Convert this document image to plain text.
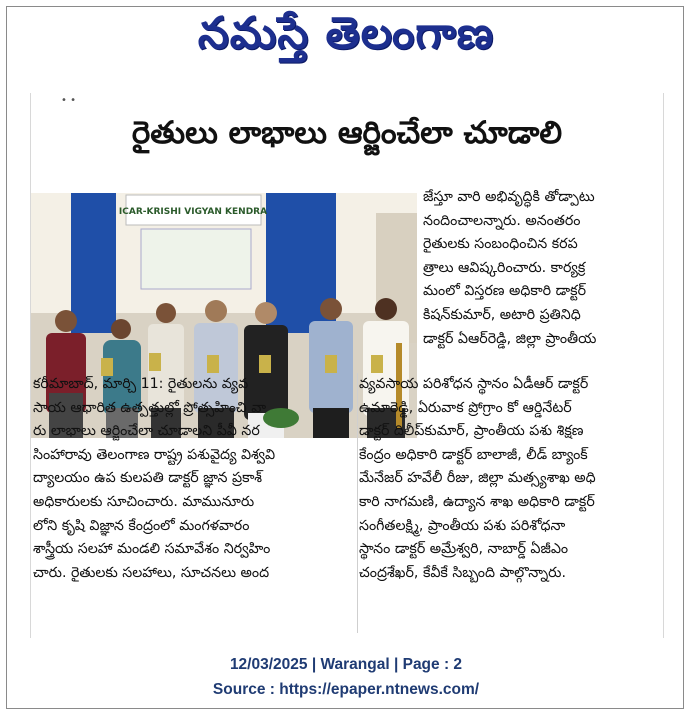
నమస్తే తెలంగాణ
• •
రైతులు లాభాలు ఆర్జించేలా చూడాలి
ICAR-KRISHI VIGYAN KENDRA
జేస్తూ వారి అభివృద్ధికి తోడ్పాటు
నందించాలన్నారు. అనంతరం
రైతులకు సంబంధించిన కరప
త్రాలు ఆవిష్కరించారు. కార్యక్ర
మంలో విస్తరణ అధికారి డాక్టర్
కిషన్‌కుమార్, అటారి ప్రతినిధి
డాక్టర్ ఏఆర్‌రెడ్డి, జిల్లా ప్రాంతీయ
కరీమాబాద్, మార్చి 11: రైతులను వ్యవ
సాయ ఆధారిత ఉత్పత్తుల్లో ప్రోత్సహించి వా
రు లాభాలు ఆర్జించేలా చూడాలని పీవీ నర
సింహారావు తెలంగాణ రాష్ట్ర పశువైద్య విశ్వవి
ద్యాలయం ఉప కులపతి డాక్టర్ జ్ఞాన ప్రకాశ్
అధికారులకు సూచించారు. మామునూరు
లోని కృషి విజ్ఞాన కేంద్రంలో మంగళవారం
శాస్త్రీయ సలహా మండలి సమావేశం నిర్వహిం
చారు. రైతులకు సలహాలు, సూచనలు అంద
వ్యవసాయ పరిశోధన స్థానం ఏడీఆర్ డాక్టర్
ఉమారెడ్డి, ఏరువాక ప్రోగ్రాం కో ఆర్డినేటర్
డాక్టర్ దిలీప్‌కుమార్, ప్రాంతీయ పశు శిక్షణ
కేంద్రం అధికారి డాక్టర్ బాలాజీ, లీడ్ బ్యాంక్
మేనేజర్ హవేలీ రీజు, జిల్లా మత్స్యశాఖ అధి
కారి నాగమణి, ఉద్యాన శాఖ అధికారి డాక్టర్
సంగీతలక్ష్మి, ప్రాంతీయ పశు పరిశోధనా
స్థానం డాక్టర్ అమ్రేశ్వరి, నాబార్డ్ ఏజీఎం
చంద్రశేఖర్, కేవీకే సిబ్బంది పాల్గొన్నారు.
12/03/2025 | Warangal | Page : 2
Source : https://epaper.ntnews.com/
